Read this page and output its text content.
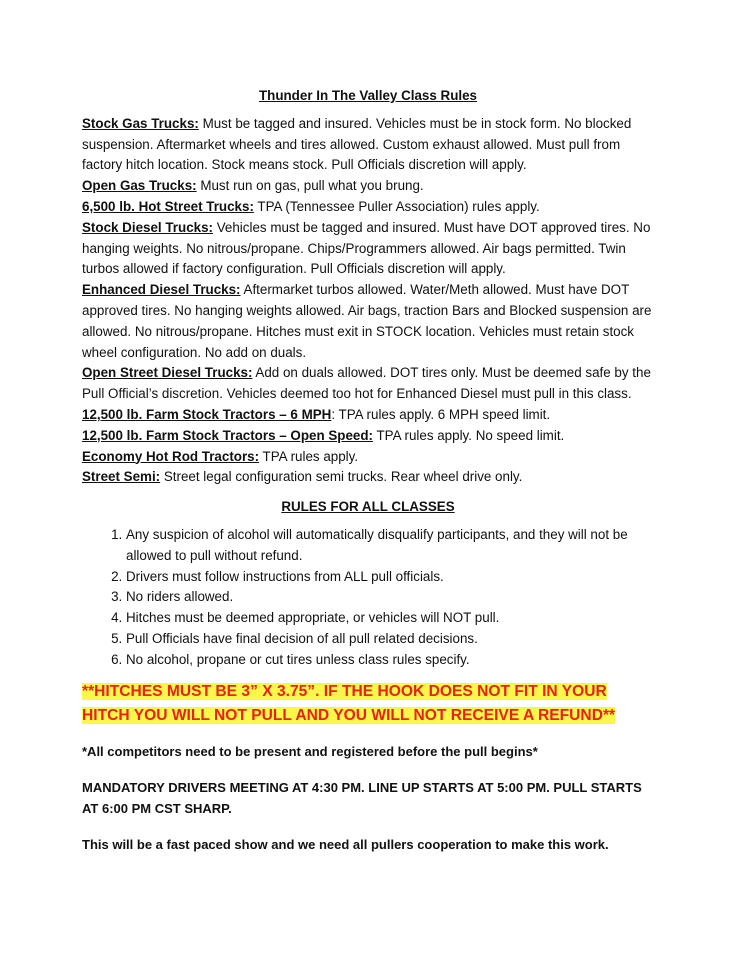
Thunder In The Valley Class Rules

Stock Gas Trucks: Must be tagged and insured. Vehicles must be in stock form. No blocked suspension. Aftermarket wheels and tires allowed. Custom exhaust allowed. Must pull from factory hitch location. Stock means stock. Pull Officials discretion will apply.

Open Gas Trucks: Must run on gas, pull what you brung.

6,500 lb. Hot Street Trucks: TPA (Tennessee Puller Association) rules apply.

Stock Diesel Trucks: Vehicles must be tagged and insured. Must have DOT approved tires. No hanging weights. No nitrous/propane. Chips/Programmers allowed. Air bags permitted. Twin turbos allowed if factory configuration. Pull Officials discretion will apply.

Enhanced Diesel Trucks: Aftermarket turbos allowed. Water/Meth allowed. Must have DOT approved tires. No hanging weights allowed. Air bags, traction Bars and Blocked suspension are allowed. No nitrous/propane. Hitches must exit in STOCK location. Vehicles must retain stock wheel configuration. No add on duals.

Open Street Diesel Trucks: Add on duals allowed. DOT tires only. Must be deemed safe by the Pull Official’s discretion. Vehicles deemed too hot for Enhanced Diesel must pull in this class.

12,500 lb. Farm Stock Tractors – 6 MPH: TPA rules apply. 6 MPH speed limit.

12,500 lb. Farm Stock Tractors – Open Speed: TPA rules apply. No speed limit.

Economy Hot Rod Tractors: TPA rules apply.

Street Semi: Street legal configuration semi trucks. Rear wheel drive only.

RULES FOR ALL CLASSES
1. Any suspicion of alcohol will automatically disqualify participants, and they will not be allowed to pull without refund.
2. Drivers must follow instructions from ALL pull officials.
3. No riders allowed.
4. Hitches must be deemed appropriate, or vehicles will NOT pull.
5. Pull Officials have final decision of all pull related decisions.
6. No alcohol, propane or cut tires unless class rules specify.

**HITCHES MUST BE 3” X 3.75”. IF THE HOOK DOES NOT FIT IN YOUR HITCH YOU WILL NOT PULL AND YOU WILL NOT RECEIVE A REFUND**

*All competitors need to be present and registered before the pull begins*

MANDATORY DRIVERS MEETING AT 4:30 PM. LINE UP STARTS AT 5:00 PM. PULL STARTS AT 6:00 PM CST SHARP.

This will be a fast paced show and we need all pullers cooperation to make this work.
